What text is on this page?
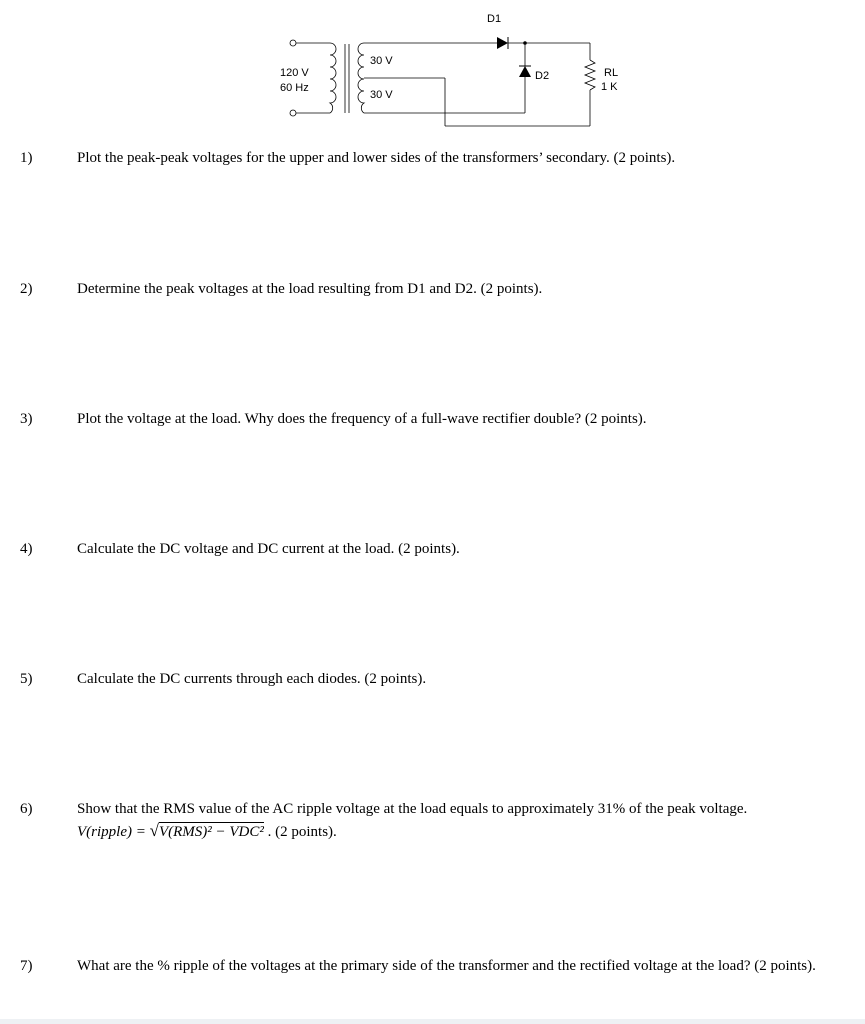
D1
D2
120 V
60 Hz
30 V
30 V
RL
1 K
1)	Plot the peak-peak voltages for the upper and lower sides of the transformers’ secondary. (2 points).
2)	Determine the peak voltages at the load resulting from D1 and D2. (2 points).
3)	Plot the voltage at the load. Why does the frequency of a full-wave rectifier double? (2 points).
4)	Calculate the DC voltage and DC current at the load. (2 points).
5)	Calculate the DC currents through each diodes. (2 points).
6)	Show that the RMS value of the AC ripple voltage at the load equals to approximately 31% of the peak voltage.
V(ripple) = √V(RMS)² − VDC² . (2 points).
7)	What are the % ripple of the voltages at the primary side of the transformer and the rectified voltage at the load? (2 points).
